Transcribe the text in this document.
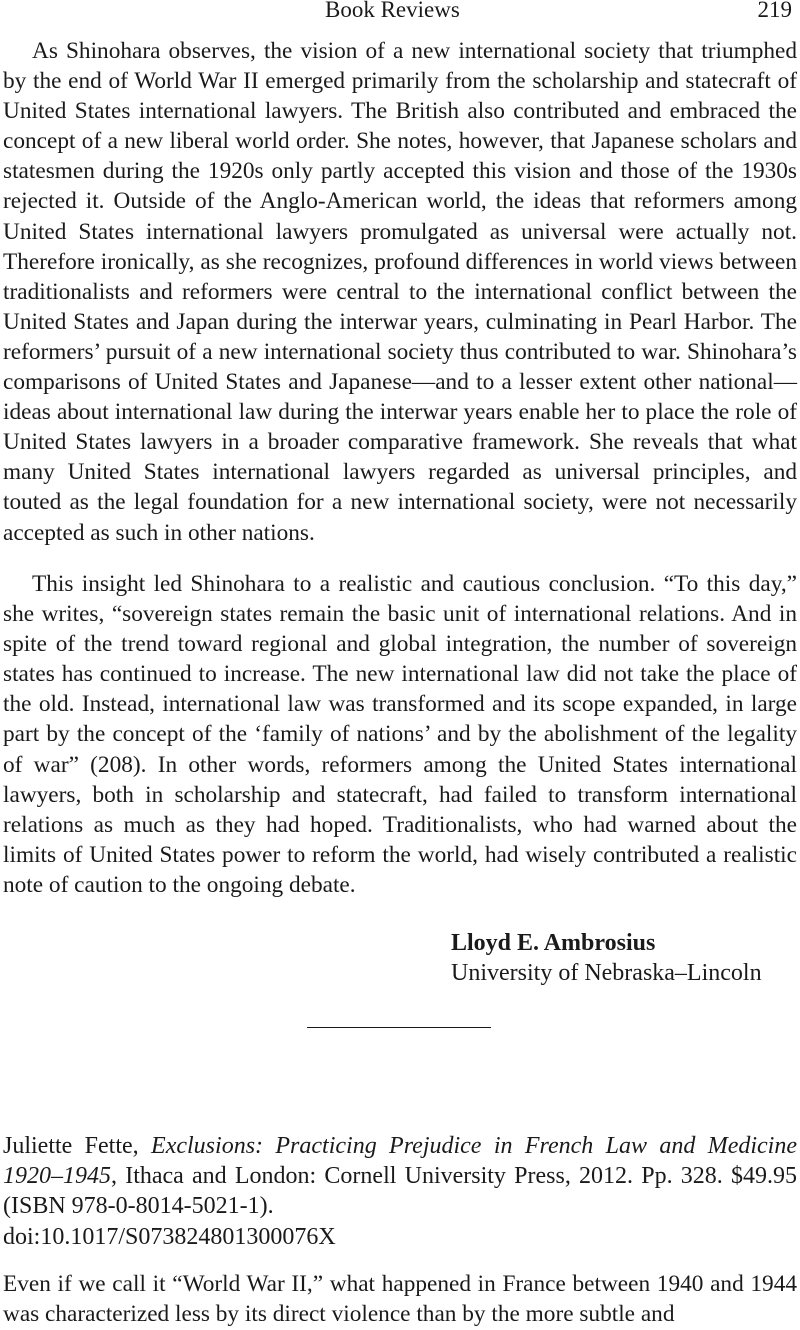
Book Reviews	219

As Shinohara observes, the vision of a new international society that triumphed by the end of World War II emerged primarily from the scholarship and statecraft of United States international lawyers. The British also contributed and embraced the concept of a new liberal world order. She notes, however, that Japanese scholars and statesmen during the 1920s only partly accepted this vision and those of the 1930s rejected it. Outside of the Anglo-American world, the ideas that reformers among United States international lawyers promulgated as universal were actually not. Therefore ironically, as she recognizes, profound differences in world views between traditionalists and reformers were central to the international conflict between the United States and Japan during the interwar years, culminating in Pearl Harbor. The reformers’ pursuit of a new international society thus contributed to war. Shinohara’s comparisons of United States and Japanese—and to a lesser extent other national—ideas about international law during the interwar years enable her to place the role of United States lawyers in a broader comparative framework. She reveals that what many United States international lawyers regarded as universal principles, and touted as the legal foundation for a new international society, were not necessarily accepted as such in other nations.

This insight led Shinohara to a realistic and cautious conclusion. “To this day,” she writes, “sovereign states remain the basic unit of international relations. And in spite of the trend toward regional and global integration, the number of sovereign states has continued to increase. The new international law did not take the place of the old. Instead, international law was transformed and its scope expanded, in large part by the concept of the ‘family of nations’ and by the abolishment of the legality of war” (208). In other words, reformers among the United States international lawyers, both in scholarship and statecraft, had failed to transform international relations as much as they had hoped. Traditionalists, who had warned about the limits of United States power to reform the world, had wisely contributed a realistic note of caution to the ongoing debate.

Lloyd E. Ambrosius
University of Nebraska–Lincoln
Juliette Fette, Exclusions: Practicing Prejudice in French Law and Medicine 1920–1945, Ithaca and London: Cornell University Press, 2012. Pp. 328. $49.95 (ISBN 978-0-8014-5021-1).
doi:10.1017/S073824801300076X

Even if we call it “World War II,” what happened in France between 1940 and 1944 was characterized less by its direct violence than by the more subtle and
